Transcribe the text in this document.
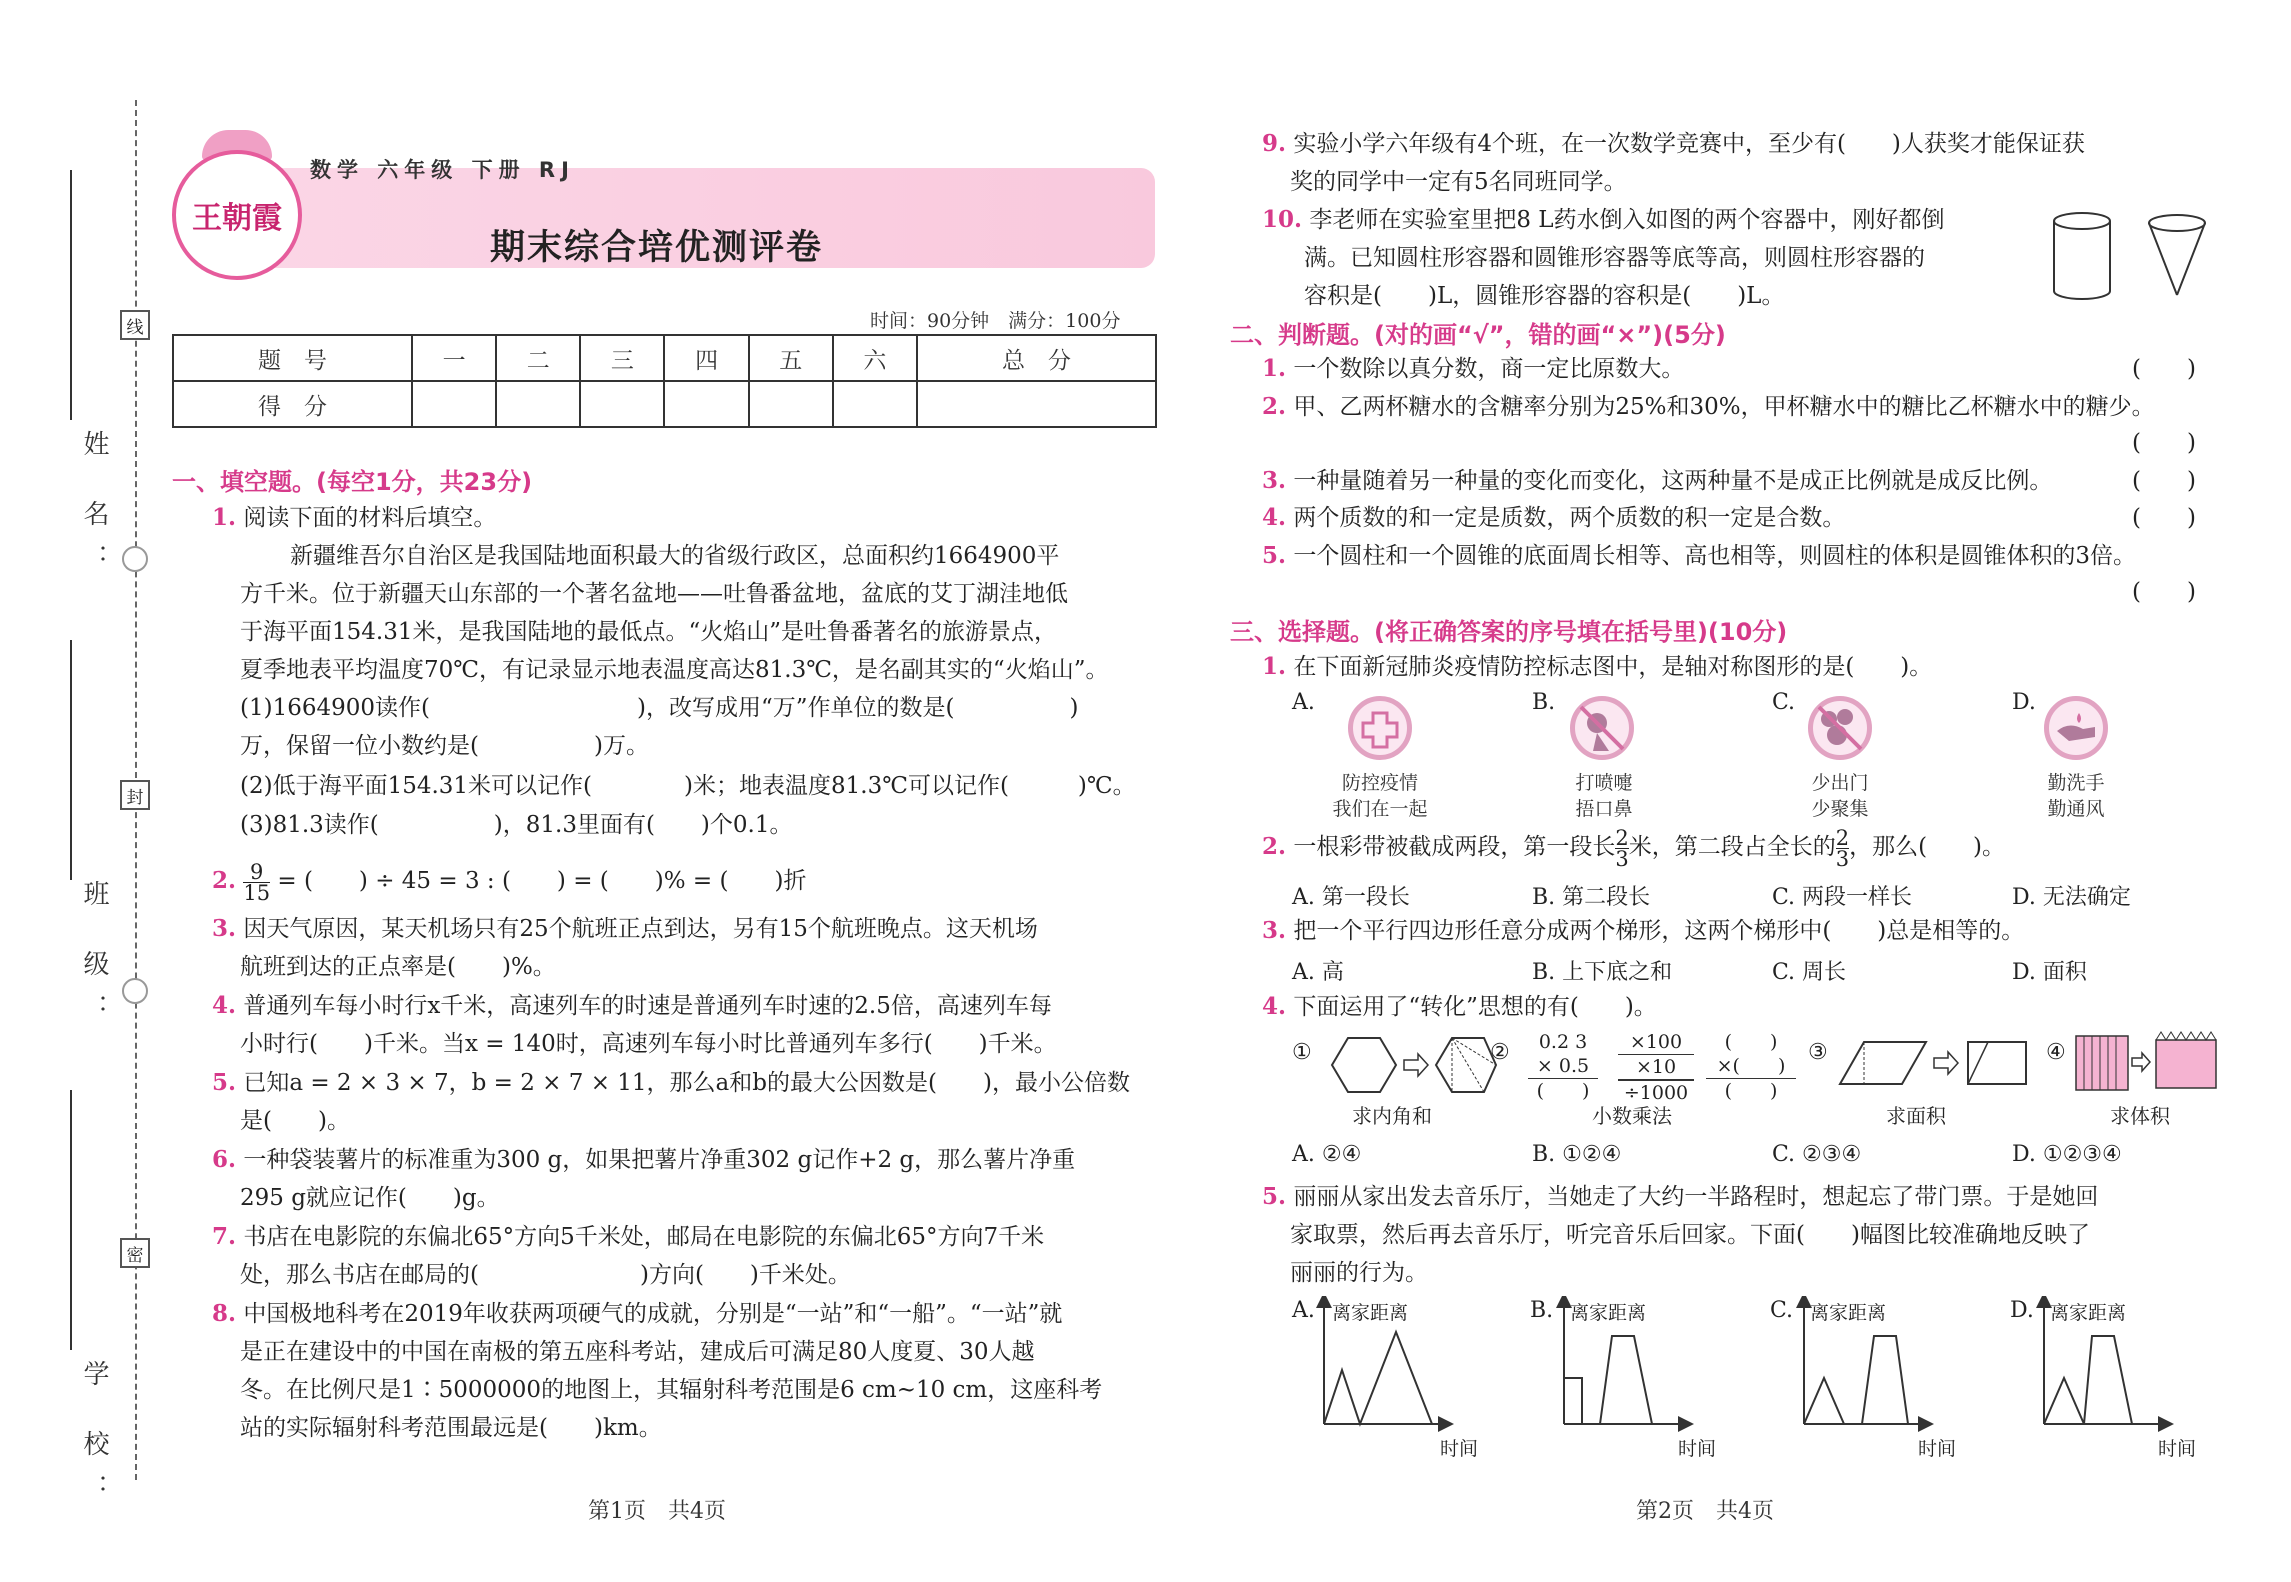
姓 名：
班 级：
学 校：
线
封
密
王朝霞
数学 六年级 下册 RJ
期末综合培优测评卷
时间：90分钟　满分：100分
题　号	一	二	三	四	五	六	总　分
得　分							
一、填空题。(每空1分，共23分)
1. 阅读下面的材料后填空。
新疆维吾尔自治区是我国陆地面积最大的省级行政区，总面积约1664900平
方千米。位于新疆天山东部的一个著名盆地——吐鲁番盆地，盆底的艾丁湖洼地低
于海平面154.31米，是我国陆地的最低点。“火焰山”是吐鲁番著名的旅游景点，
夏季地表平均温度70℃，有记录显示地表温度高达81.3℃，是名副其实的“火焰山”。
(1)1664900读作(　　　　　　　　　)，改写成用“万”作单位的数是(　　　　　)
万，保留一位小数约是(　　　　　)万。
(2)低于海平面154.31米可以记作(　　　　)米；地表温度81.3℃可以记作(　　　)℃。
(3)81.3读作(　　　　　)，81.3里面有(　　)个0.1。
2. $\frac{9}{15}$ = (　　) ÷ 45 = 3 : (　　) = (　　)% = (　　)折
3. 因天气原因，某天机场只有25个航班正点到达，另有15个航班晚点。这天机场
航班到达的正点率是(　　)%。
4. 普通列车每小时行x千米，高速列车的时速是普通列车时速的2.5倍，高速列车每
小时行(　　)千米。当x = 140时，高速列车每小时比普通列车多行(　　)千米。
5. 已知a = 2 × 3 × 7，b = 2 × 7 × 11，那么a和b的最大公因数是(　　)，最小公倍数
是(　　)。
6. 一种袋装薯片的标准重为300 g，如果把薯片净重302 g记作+2 g，那么薯片净重
295 g就应记作(　　)g。
7. 书店在电影院的东偏北65°方向5千米处，邮局在电影院的东偏北65°方向7千米
处，那么书店在邮局的(　　　　　　　)方向(　　)千米处。
8. 中国极地科考在2019年收获两项硬气的成就，分别是“一站”和“一船”。“一站”就
是正在建设中的中国在南极的第五座科考站，建成后可满足80人度夏、30人越
冬。在比例尺是1∶5000000的地图上，其辐射科考范围是6 cm~10 cm，这座科考
站的实际辐射科考范围最远是(　　)km。
第1页　共4页
9. 实验小学六年级有4个班，在一次数学竞赛中，至少有(　　)人获奖才能保证获
奖的同学中一定有5名同班同学。
10. 李老师在实验室里把8 L药水倒入如图的两个容器中，刚好都倒
满。已知圆柱形容器和圆锥形容器等底等高，则圆柱形容器的
容积是(　　)L，圆锥形容器的容积是(　　)L。
二、判断题。(对的画“√”，错的画“×”)(5分)
1. 一个数除以真分数，商一定比原数大。	(　　)
2. 甲、乙两杯糖水的含糖率分别为25%和30%，甲杯糖水中的糖比乙杯糖水中的糖少。
(　　)
3. 一种量随着另一种量的变化而变化，这两种量不是成正比例就是成反比例。	(　　)
4. 两个质数的和一定是质数，两个质数的积一定是合数。	(　　)
5. 一个圆柱和一个圆锥的底面周长相等、高也相等，则圆柱的体积是圆锥体积的3倍。
(　　)
三、选择题。(将正确答案的序号填在括号里)(10分)
1. 在下面新冠肺炎疫情防控标志图中，是轴对称图形的是(　　)。
A.	B.	C.	D.
防控疫情
我们在一起
打喷嚏
捂口鼻
少出门
少聚集
勤洗手
勤通风
2. 一根彩带被截成两段，第一段长 $\frac{2}{3}$ 米，第二段占全长的 $\frac{2}{3}$ ，那么(　　)。
A. 第一段长	B. 第二段长	C. 两段一样长	D. 无法确定
3. 把一个平行四边形任意分成两个梯形，这两个梯形中(　　)总是相等的。
A. 高	B. 上下底之和	C. 周长	D. 面积
4. 下面运用了“转化”思想的有(　　)。
①	②	0.2 3
× 0.5
(　　)
×100
×10
÷1000
(　　)
×(　　)
(　　)
③	④
求内角和	小数乘法	求面积	求体积
A. ②④	B. ①②④	C. ②③④	D. ①②③④
5. 丽丽从家出发去音乐厅，当她走了大约一半路程时，想起忘了带门票。于是她回
家取票，然后再去音乐厅，听完音乐后回家。下面(　　)幅图比较准确地反映了
丽丽的行为。
A.	B.	C.	D.
离家距离	离家距离	离家距离	离家距离
时间	时间	时间	时间
第2页　共4页
